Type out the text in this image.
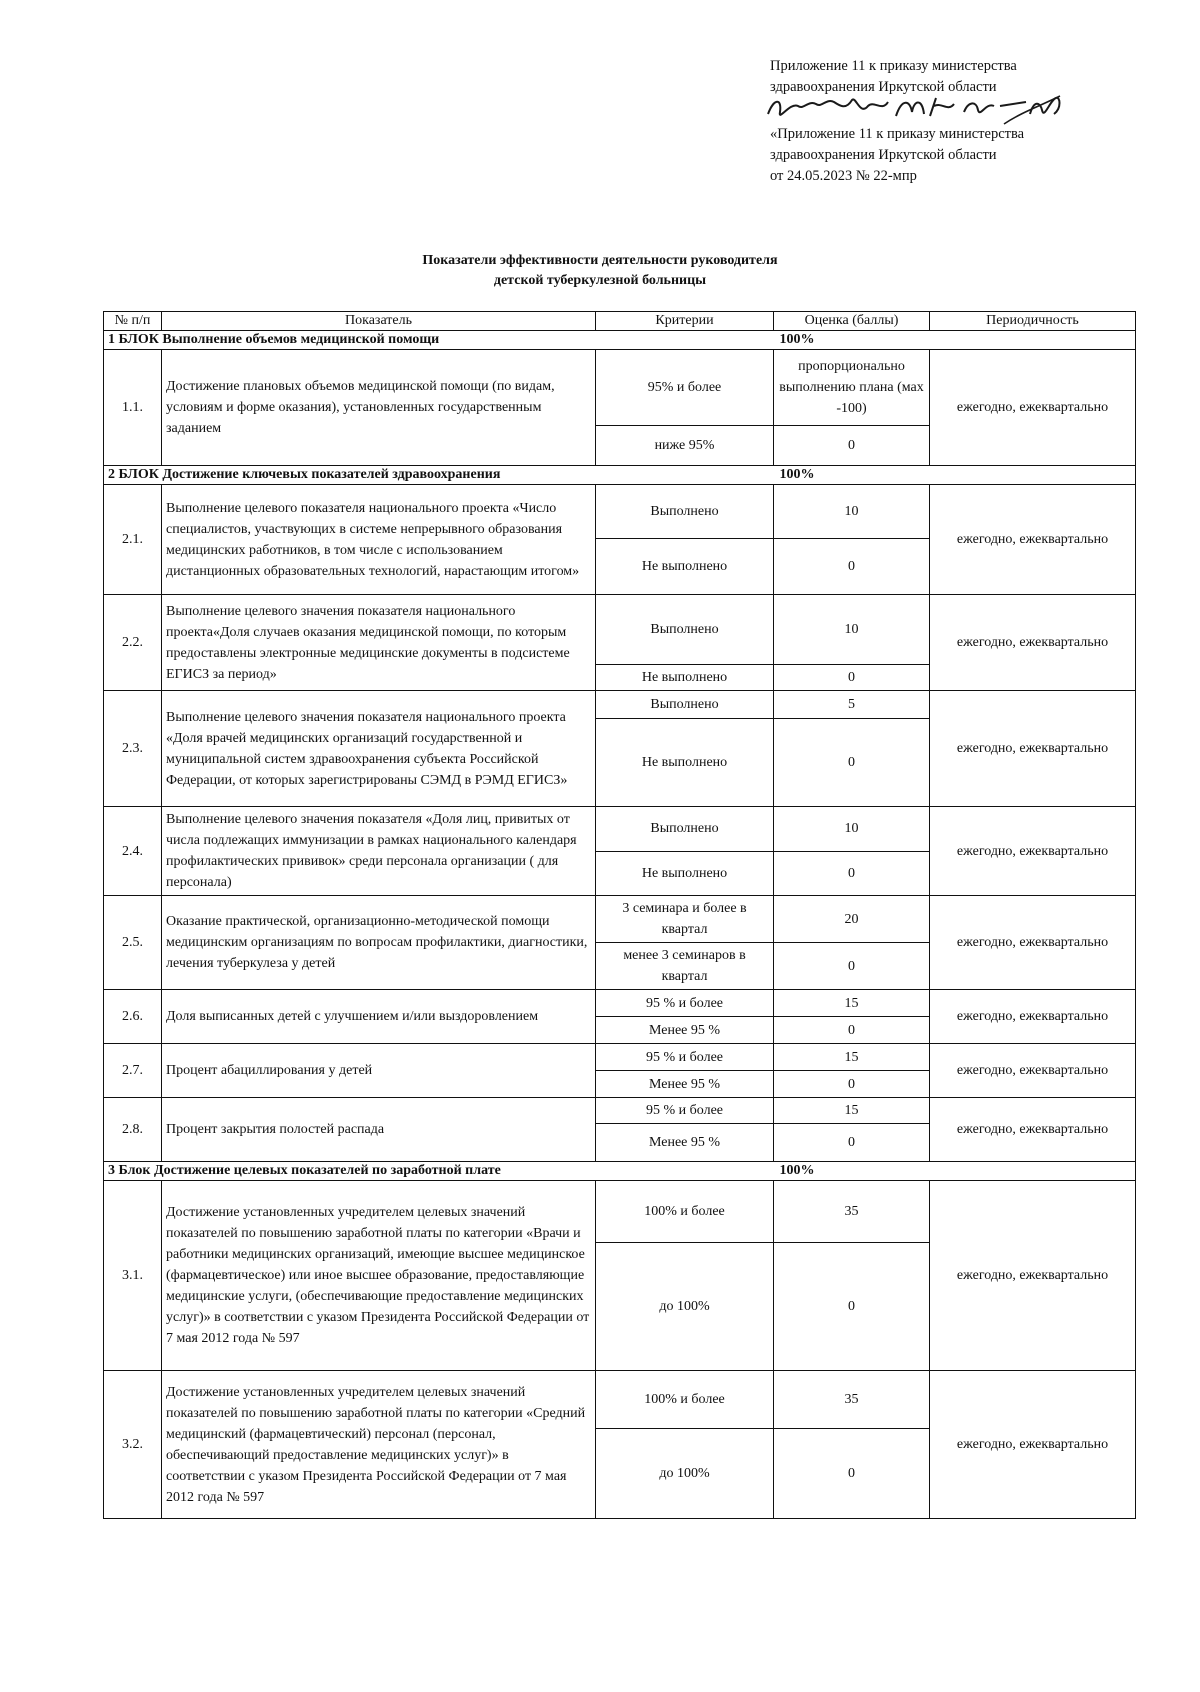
Приложение 11 к приказу министерства
здравоохранения Иркутской области
«Приложение 11 к приказу министерства
здравоохранения Иркутской области
от 24.05.2023 № 22-мпр
Показатели эффективности деятельности руководителя
детской туберкулезной больницы
№ п/п	Показатель	Критерии	Оценка (баллы)	Периодичность
1 БЛОК Выполнение объемов медицинской помощи			100%	
1.1.	Достижение плановых объемов медицинской помощи (по видам, условиям и форме оказания), установленных государственным заданием	95% и более	пропорционально выполнению плана (мах -100)	ежегодно, ежеквартально
		ниже 95%	0	
2 БЛОК Достижение ключевых показателей здравоохранения			100%	
2.1.	Выполнение целевого показателя национального проекта «Число специалистов, участвующих в системе непрерывного образования медицинских работников, в том числе с использованием дистанционных образовательных технологий, нарастающим итогом»	Выполнено	10	ежегодно, ежеквартально
		Не выполнено	0	
2.2.	Выполнение целевого значения показателя национального проекта«Доля случаев оказания медицинской помощи, по которым предоставлены электронные медицинские документы в подсистеме ЕГИСЗ за период»	Выполнено	10	ежегодно, ежеквартально
		Не выполнено	0	
2.3.	Выполнение целевого значения показателя национального проекта «Доля врачей медицинских организаций государственной и муниципальной систем здравоохранения субъекта Российской Федерации, от которых зарегистрированы СЭМД в РЭМД ЕГИСЗ»	Выполнено	5	ежегодно, ежеквартально
		Не выполнено	0	
2.4.	Выполнение целевого значения показателя «Доля лиц, привитых от числа подлежащих иммунизации в рамках национального календаря профилактических прививок» среди персонала организации ( для персонала)	Выполнено	10	ежегодно, ежеквартально
		Не выполнено	0	
2.5.	Оказание практической, организационно-методической помощи медицинским организациям по вопросам профилактики, диагностики, лечения туберкулеза у детей	3 семинара и более в квартал	20	ежегодно, ежеквартально
		менее 3 семинаров в квартал	0	
2.6.	Доля выписанных детей с улучшением и/или выздоровлением	95 % и более	15	ежегодно, ежеквартально
		Менее 95 %	0	
2.7.	Процент абациллирования у детей	95 % и более	15	ежегодно, ежеквартально
		Менее 95 %	0	
2.8.	Процент закрытия полостей распада	95 % и более	15	ежегодно, ежеквартально
		Менее 95 %	0	
3 Блок Достижение целевых показателей по заработной плате			100%	
3.1.	Достижение установленных учредителем целевых значений показателей по повышению заработной платы по категории «Врачи и работники медицинских организаций, имеющие высшее медицинское (фармацевтическое) или иное высшее образование, предоставляющие медицинские услуги, (обеспечивающие предоставление медицинских услуг)» в соответствии с указом Президента Российской Федерации от 7 мая 2012 года № 597	100% и более	35	ежегодно, ежеквартально
		до 100%	0	
3.2.	Достижение установленных учредителем целевых значений показателей по повышению заработной платы по категории «Средний медицинский (фармацевтический) персонал (персонал, обеспечивающий предоставление медицинских услуг)» в соответствии с указом Президента Российской Федерации от 7 мая 2012 года № 597	100% и более	35	ежегодно, ежеквартально
		до 100%	0	
